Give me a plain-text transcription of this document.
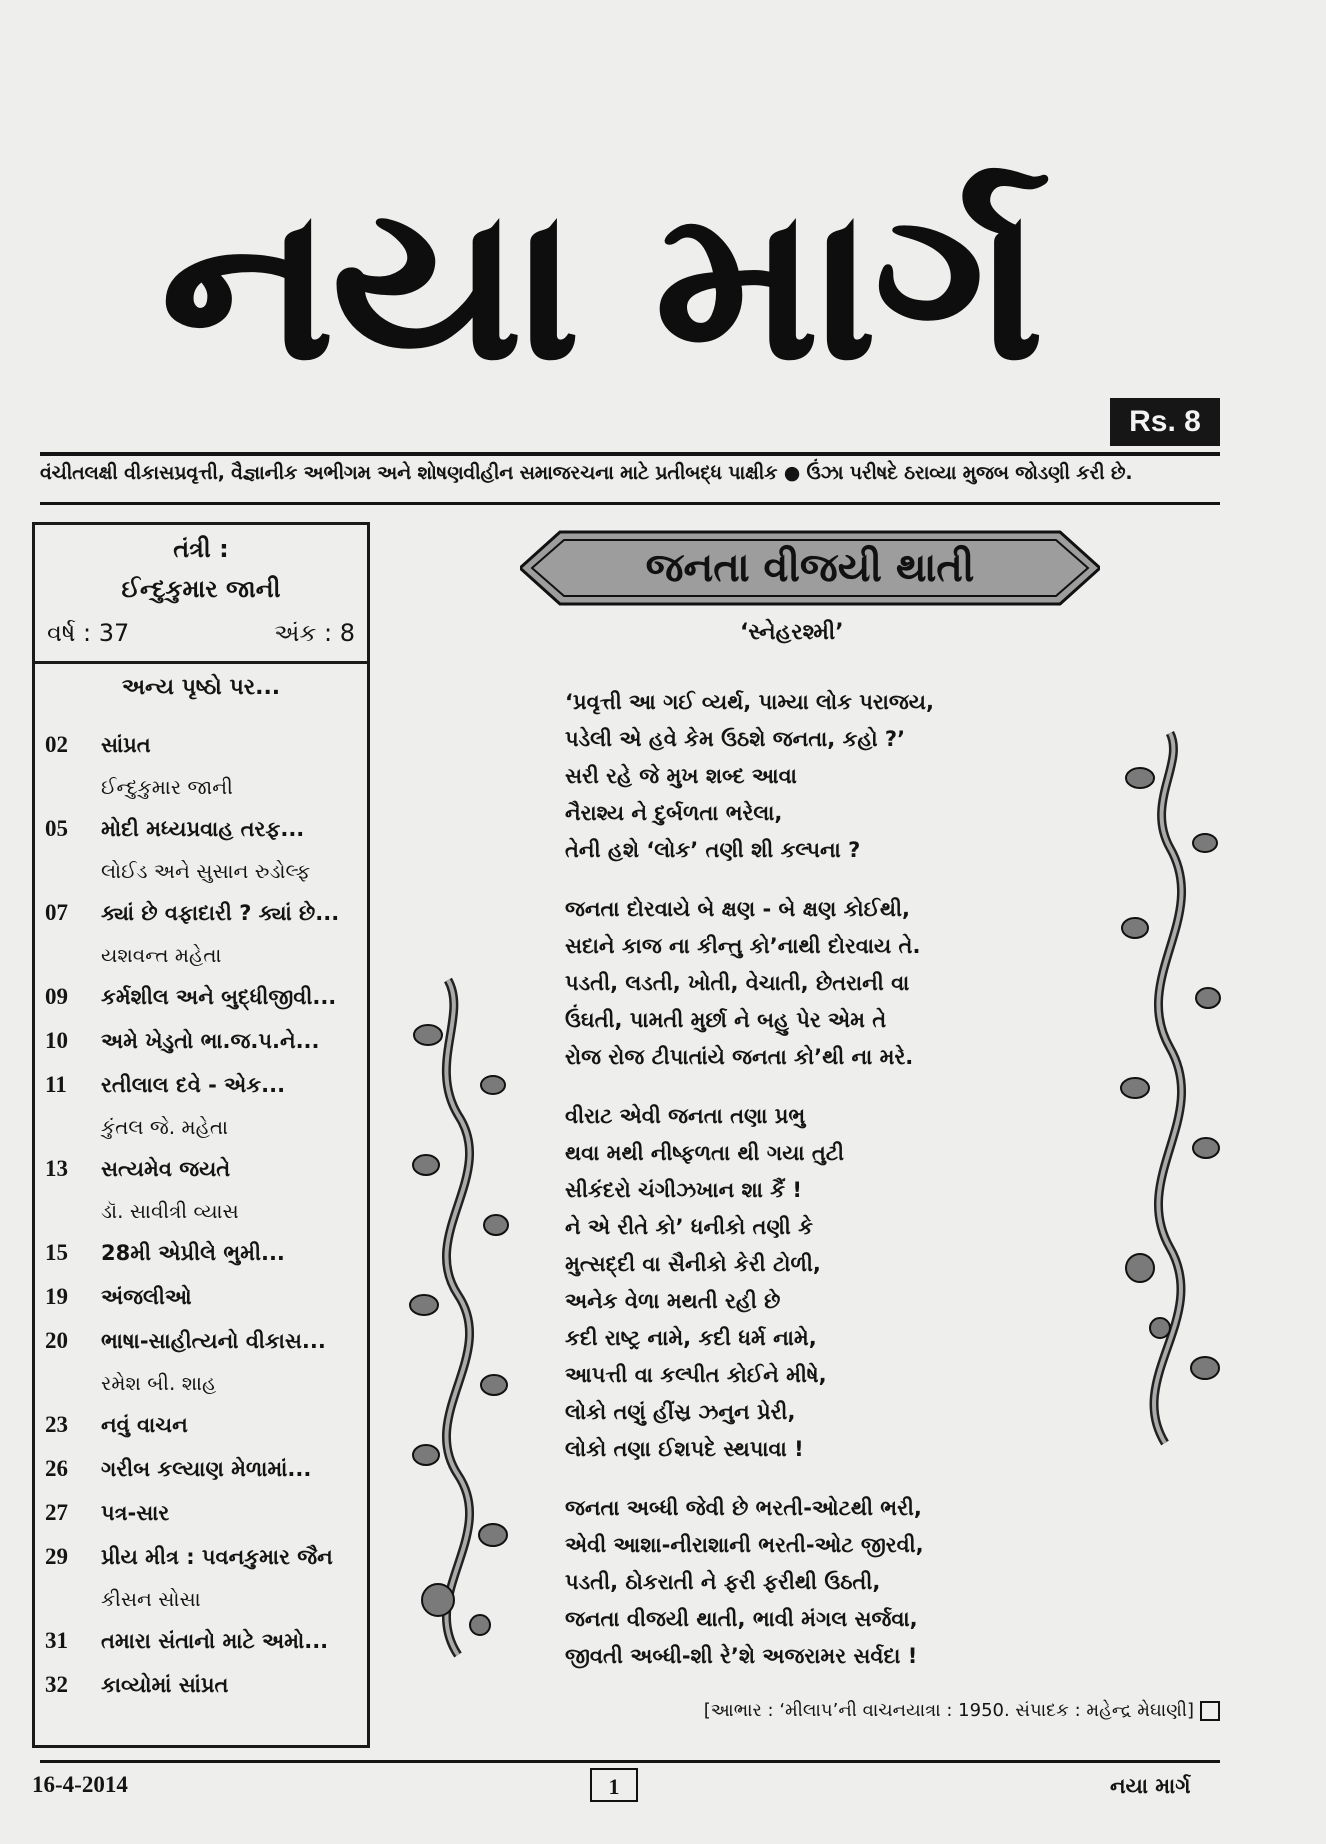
નયા માર્ગ
Rs. 8
વંચીતલક્ષી વીકાસપ્રવૃત્તી, વૈજ્ઞાનીક અભીગમ અને શોષણવીહીન સમાજરચના માટે પ્રતીબદ્ધ પાક્ષીક ● ઉંઝા પરીષદે ઠરાવ્યા મુજબ જોડણી કરી છે.
તંત્રી :
ઈન્દુકુમાર જાની
વર્ષ : 37	અંક : 8
અન્ય પૃષ્ઠો પર...
02	સાંપ્રત
ઈન્દુકુમાર જાની
05	મોદી મધ્યપ્રવાહ તરફ...
લોઈડ અને સુસાન રુડોલ્ફ
07	ક્યાં છે વફાદારી ? ક્યાં છે...
યશવન્ત મહેતા
09	કર્મશીલ અને બુદ્ધીજીવી...
10	અમે ખેડુતો ભા.જ.પ.ને...
11	રતીલાલ દવે - એક...
કુંતલ જે. મહેતા
13	સત્યમેવ જયતે
ડૉ. સાવીત્રી વ્યાસ
15	28મી એપ્રીલે ભુમી...
19	અંજલીઓ
20	ભાષા-સાહીત્યનો વીકાસ...
રમેશ બી. શાહ
23	નવું વાચન
26	ગરીબ કલ્યાણ મેળામાં...
27	પત્ર-સાર
29	પ્રીય મીત્ર : પવનકુમાર જૈન
કીસન સોસા
31	તમારા સંતાનો માટે અમો...
32	કાવ્યોમાં સાંપ્રત
જનતા વીજયી થાતી
‘સ્નેહરશ્મી’
‘પ્રવૃત્તી આ ગઈ વ્યર્થ, પામ્યા લોક પરાજય,
પડેલી એ હવે કેમ ઉઠશે જનતા, કહો ?’
સરી રહે જે મુખ શબ્દ આવા
નૈરાશ્ય ને દુર્બળતા ભરેલા,
તેની હશે ‘લોક’ તણી શી કલ્પના ?
જનતા દોરવાયે બે ક્ષણ - બે ક્ષણ કોઈથી,
સદાને કાજ ના કીન્તુ કો’નાથી દોરવાય તે.
પડતી, લડતી, ખોતી, વેચાતી, છેતરાની વા
ઉંઘતી, પામતી મુર્છા ને બહુ પેર એમ તે
રોજ રોજ ટીપાતાંયે જનતા કો’થી ના મરે.
વીરાટ એવી જનતા તણા પ્રભુ
થવા મથી નીષ્ફળતા થી ગયા તુટી
સીકંદરો ચંગીઝખાન શા કૈં !
ને એ રીતે કો’ ધનીકો તણી કે
મુત્સદ્દી વા સૈનીકો કેરી ટોળી,
અનેક વેળા મથતી રહી છે
કદી રાષ્ટ્ર નામે, કદી ધર્મ નામે,
આપત્તી વા કલ્પીત કોઈને મીષે,
લોકો તણું હીંસ્ર ઝનુન પ્રેરી,
લોકો તણા ઈશપદે સ્થપાવા !
જનતા અબ્ધી જેવી છે ભરતી-ઓટથી ભરી,
એવી આશા-નીરાશાની ભરતી-ઓટ જીરવી,
પડતી, ઠોકરાતી ને ફરી ફરીથી ઉઠતી,
જનતા વીજયી થાતી, ભાવી મંગલ સર્જવા,
જીવતી અબ્ધી-શી રે’શે અજરામર સર્વદા !
[આભાર : ‘મીલાપ’ની વાચનયાત્રા : 1950. સંપાદક : મહેન્દ્ર મેઘાણી]
16-4-2014	1	નયા માર્ગ
